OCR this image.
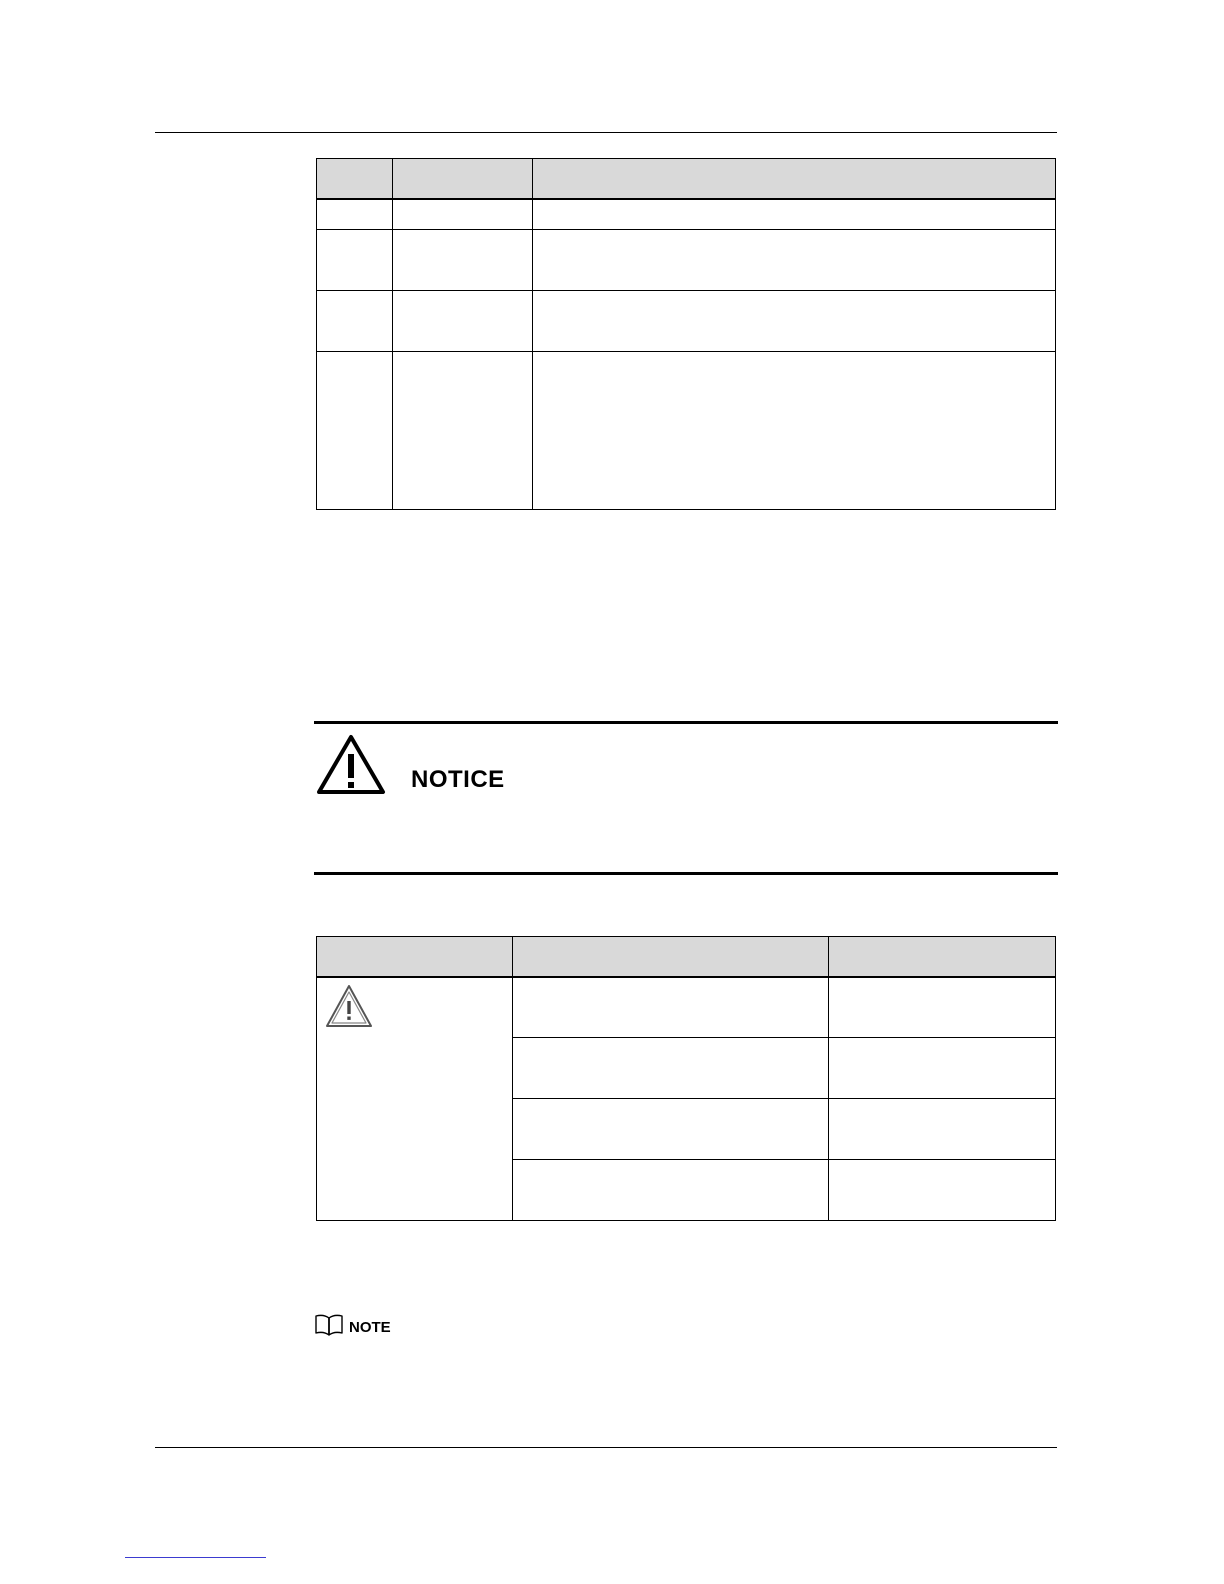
NOTICE

NOTE
